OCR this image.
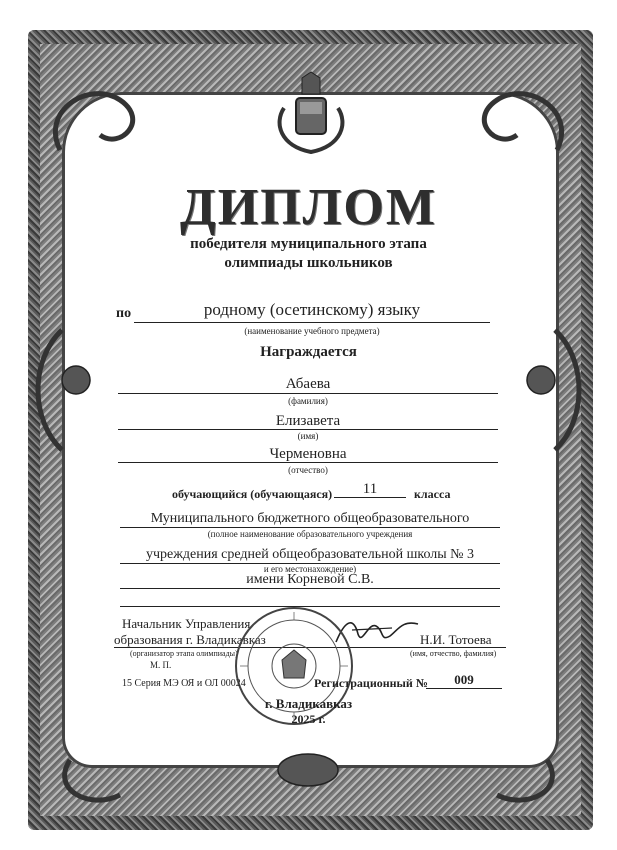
ДИПЛОМ
победителя муниципального этапа
олимпиады школьников
по	родному (осетинскому) языку
(наименование учебного предмета)
Награждается
Абаева
(фамилия)
Елизавета
(имя)
Черменовна
(отчество)
обучающийся (обучающаяся)	11	класса
Муниципального бюджетного общеобразовательного
(полное наименование образовательного учреждения
учреждения средней общеобразовательной школы № 3
и его местонахождение)
имени Корневой С.В.
Начальник Управления
образования г. Владикавказ
(организатор этапа олимпиады)
Н.И. Тотоева
(имя, отчество, фамилия)
М. П.
15 Серия МЭ ОЯ и ОЛ 00024	Регистрационный №	009
г. Владикавказ
2025 г.
